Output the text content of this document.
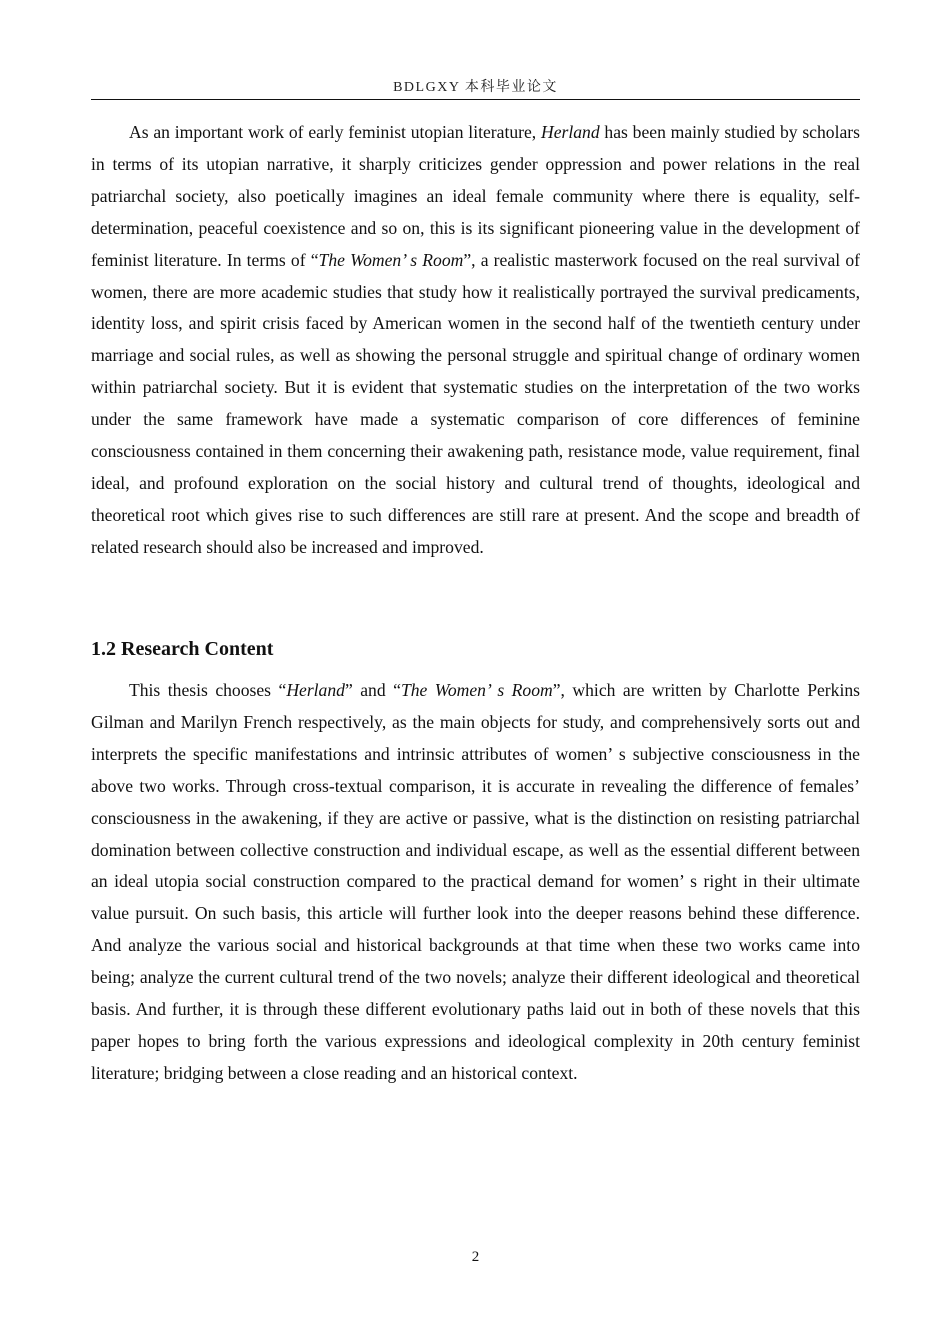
BDLGXY 本科毕业论文

As an important work of early feminist utopian literature, Herland has been mainly studied by scholars in terms of its utopian narrative, it sharply criticizes gender oppression and power relations in the real patriarchal society, also poetically imagines an ideal female community where there is equality, self-determination, peaceful coexistence and so on, this is its significant pioneering value in the development of feminist literature. In terms of “The Women’ s Room”, a realistic masterwork focused on the real survival of women, there are more academic studies that study how it realistically portrayed the survival predicaments, identity loss, and spirit crisis faced by American women in the second half of the twentieth century under marriage and social rules, as well as showing the personal struggle and spiritual change of ordinary women within patriarchal society. But it is evident that systematic studies on the interpretation of the two works under the same framework have made a systematic comparison of core differences of feminine consciousness contained in them concerning their awakening path, resistance mode, value requirement, final ideal, and profound exploration on the social history and cultural trend of thoughts, ideological and theoretical root which gives rise to such differences are still rare at present. And the scope and breadth of related research should also be increased and improved.

1.2 Research Content

This thesis chooses “Herland” and “The Women’ s Room”, which are written by Charlotte Perkins Gilman and Marilyn French respectively, as the main objects for study, and comprehensively sorts out and interprets the specific manifestations and intrinsic attributes of women’ s subjective consciousness in the above two works. Through cross-textual comparison, it is accurate in revealing the difference of females’ consciousness in the awakening, if they are active or passive, what is the distinction on resisting patriarchal domination between collective construction and individual escape, as well as the essential different between an ideal utopia social construction compared to the practical demand for women’ s right in their ultimate value pursuit. On such basis, this article will further look into the deeper reasons behind these difference. And analyze the various social and historical backgrounds at that time when these two works came into being; analyze the current cultural trend of the two novels; analyze their different ideological and theoretical basis. And further, it is through these different evolutionary paths laid out in both of these novels that this paper hopes to bring forth the various expressions and ideological complexity in 20th century feminist literature; bridging between a close reading and an historical context.

2
